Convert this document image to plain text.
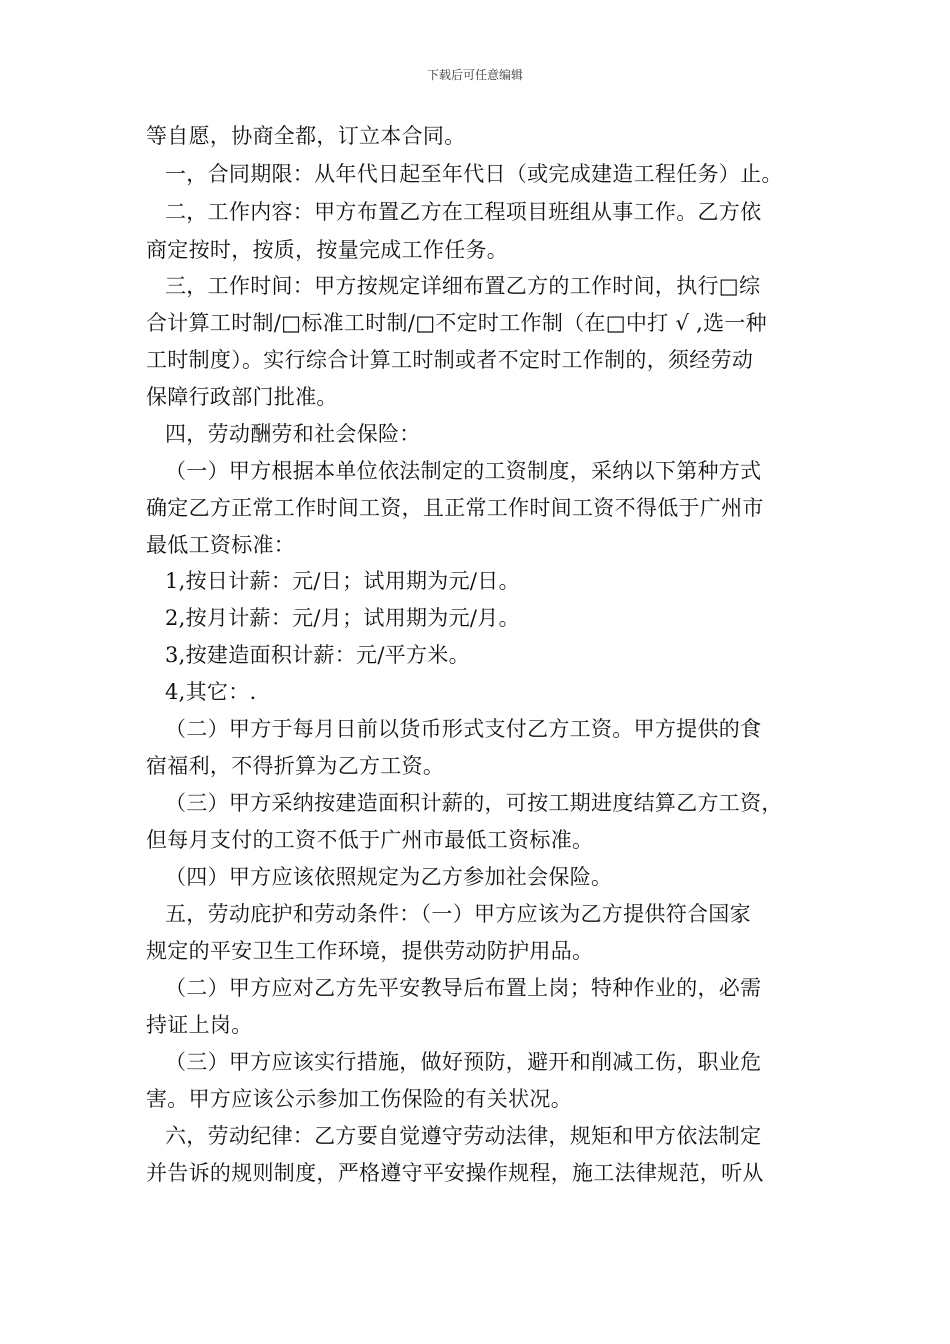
下载后可任意编辑
等自愿，协商全都，订立本合同。
一，合同期限：从年代日起至年代日（或完成建造工程任务）止。
二，工作内容：甲方布置乙方在工程项目班组从事工作。乙方依
商定按时，按质，按量完成工作任务。
三，工作时间：甲方按规定详细布置乙方的工作时间，执行□综
合计算工时制/□标准工时制/□不定时工作制（在□中打 √ ,选一种
工时制度）。实行综合计算工时制或者不定时工作制的，须经劳动
保障行政部门批准。
四，劳动酬劳和社会保险：
（一）甲方根据本单位依法制定的工资制度，采纳以下第种方式
确定乙方正常工作时间工资，且正常工作时间工资不得低于广州市
最低工资标准：
1,按日计薪：元/日；试用期为元/日。
2,按月计薪：元/月；试用期为元/月。
3,按建造面积计薪：元/平方米。
4,其它：.
（二）甲方于每月日前以货币形式支付乙方工资。甲方提供的食
宿福利，不得折算为乙方工资。
（三）甲方采纳按建造面积计薪的，可按工期进度结算乙方工资，
但每月支付的工资不低于广州市最低工资标准。
（四）甲方应该依照规定为乙方参加社会保险。
五，劳动庇护和劳动条件：（一）甲方应该为乙方提供符合国家
规定的平安卫生工作环境，提供劳动防护用品。
（二）甲方应对乙方先平安教导后布置上岗；特种作业的，必需
持证上岗。
（三）甲方应该实行措施，做好预防，避开和削减工伤，职业危
害。甲方应该公示参加工伤保险的有关状况。
六，劳动纪律：乙方要自觉遵守劳动法律，规矩和甲方依法制定
并告诉的规则制度，严格遵守平安操作规程，施工法律规范，听从
